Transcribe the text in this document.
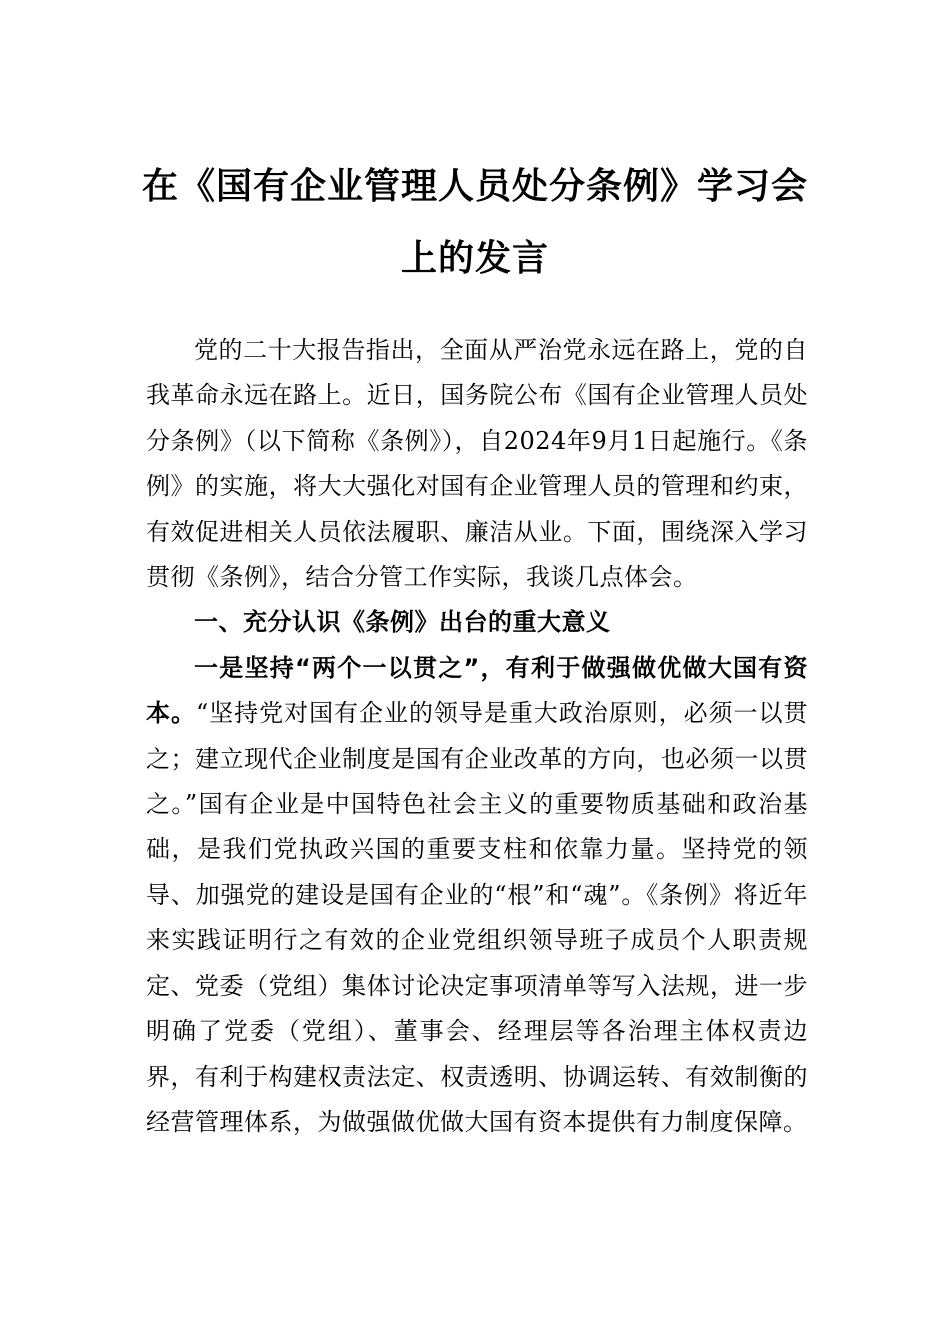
在《国有企业管理人员处分条例》学习会
上的发言

党的二十大报告指出，全面从严治党永远在路上，党的自我革命永远在路上。近日，国务院公布《国有企业管理人员处分条例》（以下简称《条例》），自2024年9月1日起施行。《条例》的实施，将大大强化对国有企业管理人员的管理和约束，有效促进相关人员依法履职、廉洁从业。下面，围绕深入学习贯彻《条例》，结合分管工作实际，我谈几点体会。

一、充分认识《条例》出台的重大意义

一是坚持“两个一以贯之”，有利于做强做优做大国有资本。“坚持党对国有企业的领导是重大政治原则，必须一以贯之；建立现代企业制度是国有企业改革的方向，也必须一以贯之。”国有企业是中国特色社会主义的重要物质基础和政治基础，是我们党执政兴国的重要支柱和依靠力量。坚持党的领导、加强党的建设是国有企业的“根”和“魂”。《条例》将近年来实践证明行之有效的企业党组织领导班子成员个人职责规定、党委（党组）集体讨论决定事项清单等写入法规，进一步明确了党委（党组）、董事会、经理层等各治理主体权责边界，有利于构建权责法定、权责透明、协调运转、有效制衡的经营管理体系，为做强做优做大国有资本提供有力制度保障。
